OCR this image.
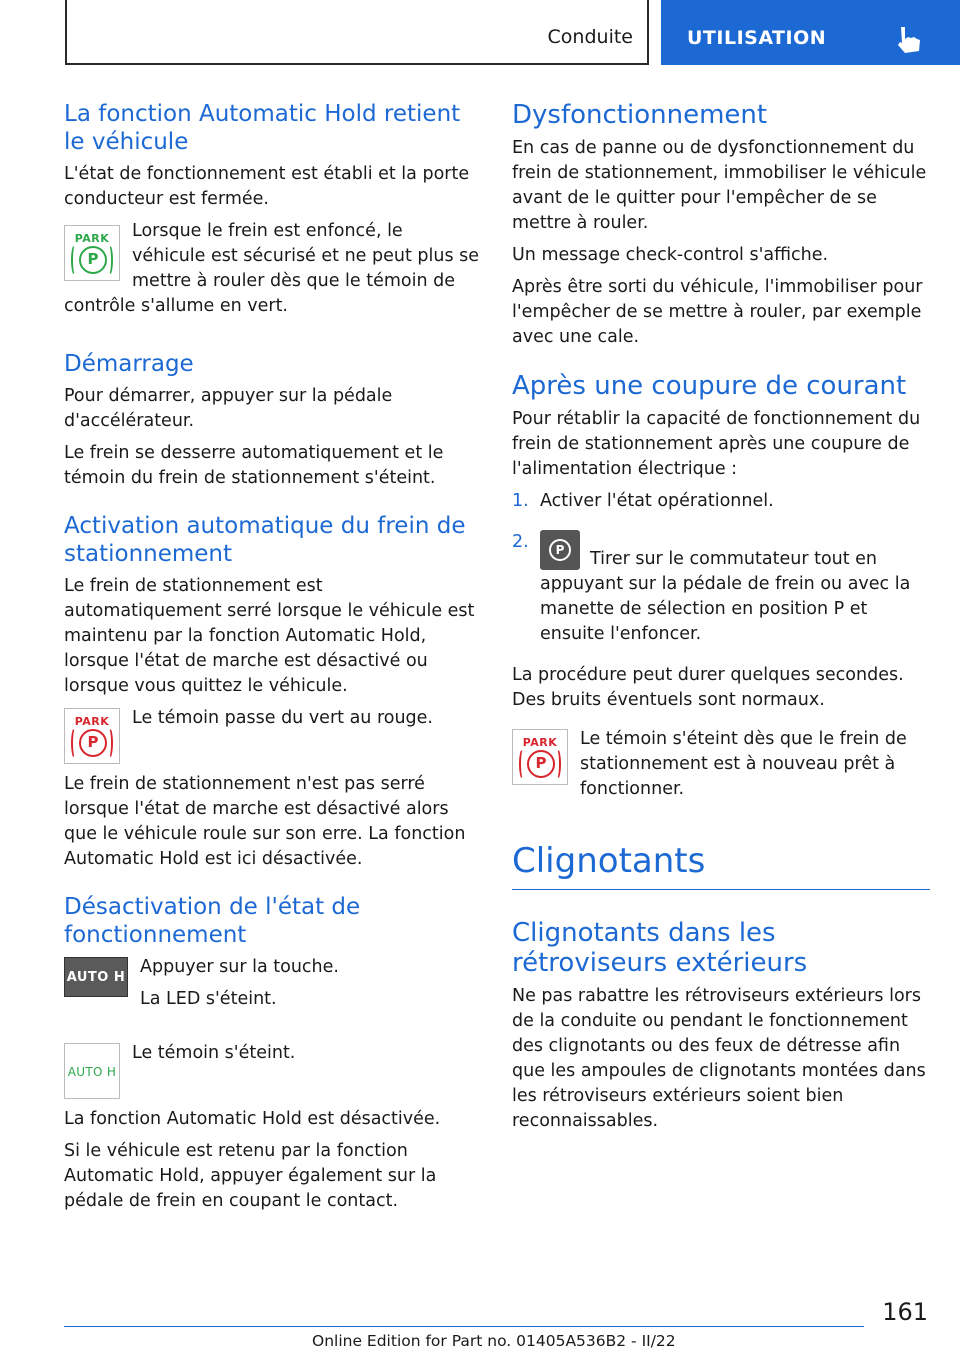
Conduite	UTILISATION
La fonction Automatic Hold retient le véhicule

L'état de fonctionnement est établi et la porte conducteur est fermée.

PARK
P

Lorsque le frein est enfoncé, le véhicule est sécurisé et ne peut plus se mettre à rouler dès que le témoin de contrôle s'allume en vert.

Démarrage

Pour démarrer, appuyer sur la pédale d'accélérateur.

Le frein se desserre automatiquement et le témoin du frein de stationnement s'éteint.

Activation automatique du frein de stationnement

Le frein de stationnement est automatiquement serré lorsque le véhicule est maintenu par la fonction Automatic Hold, lorsque l'état de marche est désactivé ou lorsque vous quittez le véhicule.

PARK
P

Le témoin passe du vert au rouge.

Le frein de stationnement n'est pas serré lorsque l'état de marche est désactivé alors que le véhicule roule sur son erre. La fonction Automatic Hold est ici désactivée.

Désactivation de l'état de fonctionnement
AUTO H

Appuyer sur la touche.

La LED s'éteint.

AUTO H

Le témoin s'éteint.

La fonction Automatic Hold est désactivée.

Si le véhicule est retenu par la fonction Automatic Hold, appuyer également sur la pédale de frein en coupant le contact.

Dysfonctionnement

En cas de panne ou de dysfonctionnement du frein de stationnement, immobiliser le véhicule avant de le quitter pour l'empêcher de se mettre à rouler.

Un message check-control s'affiche.

Après être sorti du véhicule, l'immobiliser pour l'empêcher de se mettre à rouler, par exemple avec une cale.

Après une coupure de courant

Pour rétablir la capacité de fonctionnement du frein de stationnement après une coupure de l'alimentation électrique :

1. Activer l'état opérationnel.
2.	P	Tirer sur le commutateur tout en appuyant sur la pédale de frein ou avec la manette de sélection en position P et ensuite l'enfoncer.

La procédure peut durer quelques secondes. Des bruits éventuels sont normaux.

PARK
P

Le témoin s'éteint dès que le frein de stationnement est à nouveau prêt à fonctionner.

Clignotants
Clignotants dans les rétroviseurs extérieurs

Ne pas rabattre les rétroviseurs extérieurs lors de la conduite ou pendant le fonctionnement des clignotants ou des feux de détresse afin que les ampoules de clignotants montées dans les rétroviseurs extérieurs soient bien reconnaissables.

161
Online Edition for Part no. 01405A536B2 - II/22
